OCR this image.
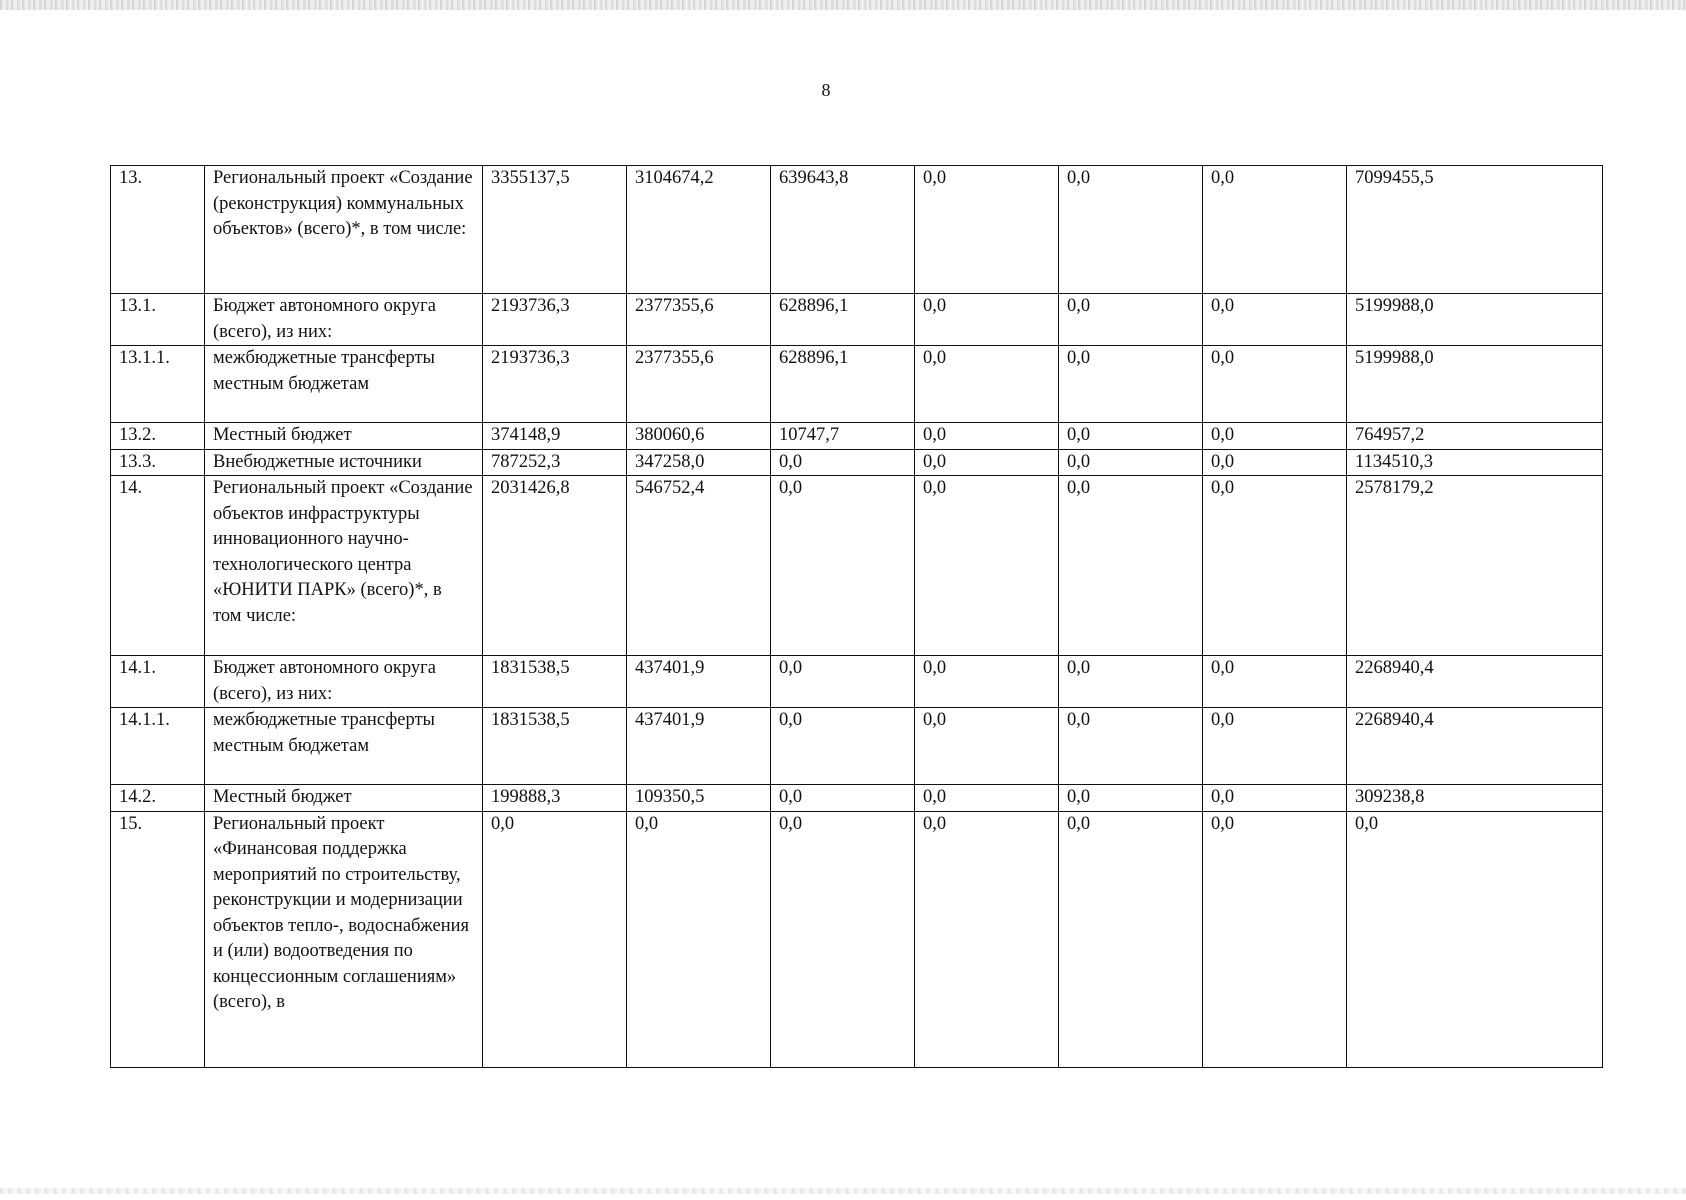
8
13.	Региональный проект «Создание (реконструкция) коммунальных объектов» (всего)*, в том числе:	3355137,5	3104674,2	639643,8	0,0	0,0	0,0	7099455,5
13.1.	Бюджет автономного округа (всего), из них:	2193736,3	2377355,6	628896,1	0,0	0,0	0,0	5199988,0
13.1.1.	межбюджетные трансферты местным бюджетам	2193736,3	2377355,6	628896,1	0,0	0,0	0,0	5199988,0
13.2.	Местный бюджет	374148,9	380060,6	10747,7	0,0	0,0	0,0	764957,2
13.3.	Внебюджетные источники	787252,3	347258,0	0,0	0,0	0,0	0,0	1134510,3
14.	Региональный проект «Создание объектов инфраструктуры инновационного научно-технологического центра «ЮНИТИ ПАРК» (всего)*, в том числе:	2031426,8	546752,4	0,0	0,0	0,0	0,0	2578179,2
14.1.	Бюджет автономного округа (всего), из них:	1831538,5	437401,9	0,0	0,0	0,0	0,0	2268940,4
14.1.1.	межбюджетные трансферты местным бюджетам	1831538,5	437401,9	0,0	0,0	0,0	0,0	2268940,4
14.2.	Местный бюджет	199888,3	109350,5	0,0	0,0	0,0	0,0	309238,8
15.	Региональный проект «Финансовая поддержка мероприятий по строительству, реконструкции и модернизации объектов тепло-, водоснабжения и (или) водоотведения по концессионным соглашениям» (всего), в	0,0	0,0	0,0	0,0	0,0	0,0	0,0
